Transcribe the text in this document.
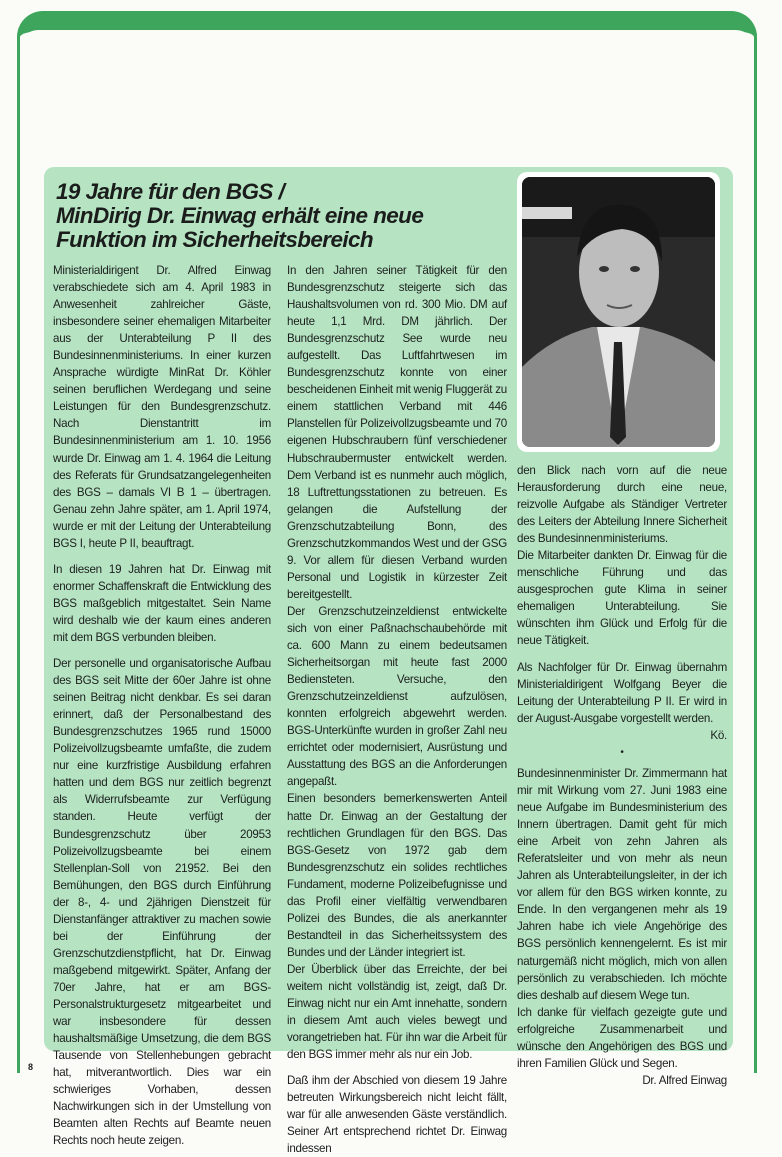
19 Jahre für den BGS /
MinDirig Dr. Einwag erhält eine neue
Funktion im Sicherheitsbereich

Ministerialdirigent Dr. Alfred Einwag verabschiedete sich am 4. April 1983 in Anwesenheit zahlreicher Gäste, insbesondere seiner ehemaligen Mitarbeiter aus der Unterabteilung P II des Bundesinnenministeriums. In einer kurzen Ansprache würdigte MinRat Dr. Köhler seinen beruflichen Werdegang und seine Leistungen für den Bundesgrenzschutz. Nach Dienstantritt im Bundesinnenministerium am 1. 10. 1956 wurde Dr. Einwag am 1. 4. 1964 die Leitung des Referats für Grundsatzangelegenheiten des BGS – damals VI B 1 – übertragen. Genau zehn Jahre später, am 1. April 1974, wurde er mit der Leitung der Unterabteilung BGS I, heute P II, beauftragt.

In diesen 19 Jahren hat Dr. Einwag mit enormer Schaffenskraft die Entwicklung des BGS maßgeblich mitgestaltet. Sein Name wird deshalb wie der kaum eines anderen mit dem BGS verbunden bleiben.

Der personelle und organisatorische Aufbau des BGS seit Mitte der 60er Jahre ist ohne seinen Beitrag nicht denkbar. Es sei daran erinnert, daß der Personalbestand des Bundesgrenzschutzes 1965 rund 15000 Polizeivollzugsbeamte umfaßte, die zudem nur eine kurzfristige Ausbildung erfahren hatten und dem BGS nur zeitlich begrenzt als Widerrufsbeamte zur Verfügung standen. Heute verfügt der Bundesgrenzschutz über 20953 Polizeivollzugsbeamte bei einem Stellenplan-Soll von 21952. Bei den Bemühungen, den BGS durch Einführung der 8-, 4- und 2jährigen Dienstzeit für Dienstanfänger attraktiver zu machen sowie bei der Einführung der Grenzschutzdienstpflicht, hat Dr. Einwag maßgebend mitgewirkt. Später, Anfang der 70er Jahre, hat er am BGS-Personalstrukturgesetz mitgearbeitet und war insbesondere für dessen haushaltsmäßige Umsetzung, die dem BGS Tausende von Stellenhebungen gebracht hat, mitverantwortlich. Dies war ein schwieriges Vorhaben, dessen Nachwirkungen sich in der Umstellung von Beamten alten Rechts auf Beamte neuen Rechts noch heute zeigen.

In den Jahren seiner Tätigkeit für den Bundesgrenzschutz steigerte sich das Haushaltsvolumen von rd. 300 Mio. DM auf heute 1,1 Mrd. DM jährlich. Der Bundesgrenzschutz See wurde neu aufgestellt. Das Luftfahrtwesen im Bundesgrenzschutz konnte von einer bescheidenen Einheit mit wenig Fluggerät zu einem stattlichen Verband mit 446 Planstellen für Polizeivollzugsbeamte und 70 eigenen Hubschraubern fünf verschiedener Hubschraubermuster entwickelt werden. Dem Verband ist es nunmehr auch möglich, 18 Luftrettungsstationen zu betreuen. Es gelangen die Aufstellung der Grenzschutzabteilung Bonn, des Grenzschutzkommandos West und der GSG 9. Vor allem für diesen Verband wurden Personal und Logistik in kürzester Zeit bereitgestellt.

Der Grenzschutzeinzeldienst entwickelte sich von einer Paßnachschaubehörde mit ca. 600 Mann zu einem bedeutsamen Sicherheitsorgan mit heute fast 2000 Bediensteten. Versuche, den Grenzschutzeinzeldienst aufzulösen, konnten erfolgreich abgewehrt werden. BGS-Unterkünfte wurden in großer Zahl neu errichtet oder modernisiert, Ausrüstung und Ausstattung des BGS an die Anforderungen angepaßt.

Einen besonders bemerkenswerten Anteil hatte Dr. Einwag an der Gestaltung der rechtlichen Grundlagen für den BGS. Das BGS-Gesetz von 1972 gab dem Bundesgrenzschutz ein solides rechtliches Fundament, moderne Polizeibefugnisse und das Profil einer vielfältig verwendbaren Polizei des Bundes, die als anerkannter Bestandteil in das Sicherheitssystem des Bundes und der Länder integriert ist.

Der Überblick über das Erreichte, der bei weitem nicht vollständig ist, zeigt, daß Dr. Einwag nicht nur ein Amt innehatte, sondern in diesem Amt auch vieles bewegt und vorangetrieben hat. Für ihn war die Arbeit für den BGS immer mehr als nur ein Job.

Daß ihm der Abschied von diesem 19 Jahre betreuten Wirkungsbereich nicht leicht fällt, war für alle anwesenden Gäste verständlich. Seiner Art entsprechend richtet Dr. Einwag indessen

den Blick nach vorn auf die neue Herausforderung durch eine neue, reizvolle Aufgabe als Ständiger Vertreter des Leiters der Abteilung Innere Sicherheit des Bundesinnenministeriums.

Die Mitarbeiter dankten Dr. Einwag für die menschliche Führung und das ausgesprochen gute Klima in seiner ehemaligen Unterabteilung. Sie wünschten ihm Glück und Erfolg für die neue Tätigkeit.

Als Nachfolger für Dr. Einwag übernahm Ministerialdirigent Wolfgang Beyer die Leitung der Unterabteilung P II. Er wird in der August-Ausgabe vorgestellt werden.

Kö.

•

Bundesinnenminister Dr. Zimmermann hat mir mit Wirkung vom 27. Juni 1983 eine neue Aufgabe im Bundesministerium des Innern übertragen. Damit geht für mich eine Arbeit von zehn Jahren als Referatsleiter und von mehr als neun Jahren als Unterabteilungsleiter, in der ich vor allem für den BGS wirken konnte, zu Ende. In den vergangenen mehr als 19 Jahren habe ich viele Angehörige des BGS persönlich kennengelernt. Es ist mir naturgemäß nicht möglich, mich von allen persönlich zu verabschieden. Ich möchte dies deshalb auf diesem Wege tun.

Ich danke für vielfach gezeigte gute und erfolgreiche Zusammenarbeit und wünsche den Angehörigen des BGS und ihren Familien Glück und Segen.

Dr. Alfred Einwag

8
